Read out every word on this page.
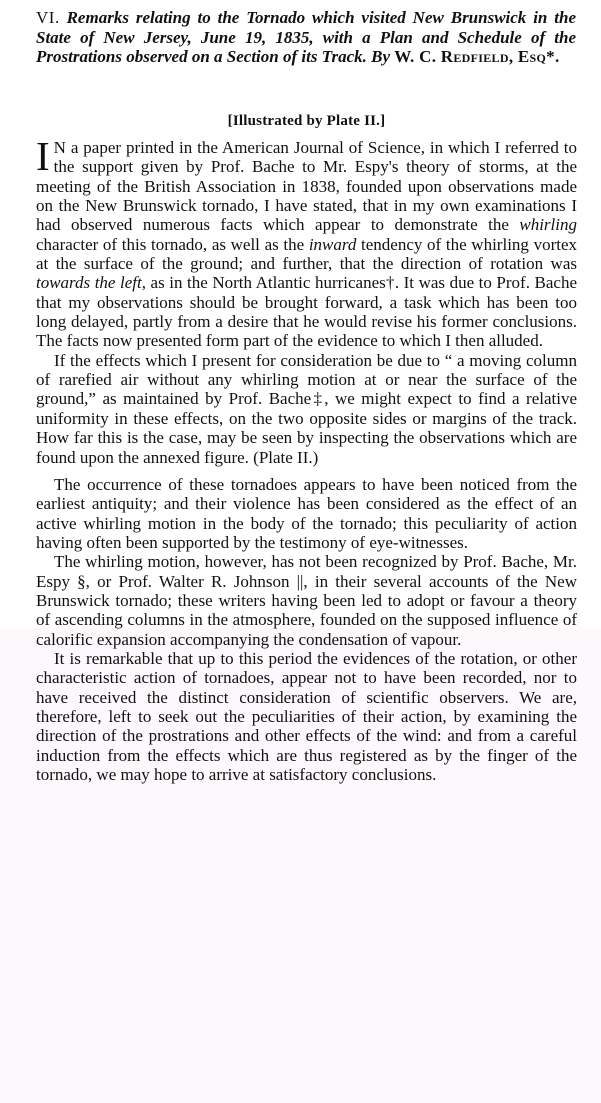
VI. Remarks relating to the Tornado which visited New Brunswick in the State of New Jersey, June 19, 1835, with a Plan and Schedule of the Prostrations observed on a Section of its Track. By W. C. Redfield, Esq*.
[Illustrated by Plate II.]

I N a paper printed in the American Journal of Science, in which I referred to the support given by Prof. Bache to Mr. Espy's theory of storms, at the meeting of the British Association in 1838, founded upon observations made on the New Brunswick tornado, I have stated, that in my own examinations I had observed numerous facts which appear to demonstrate the whirling character of this tornado, as well as the inward tendency of the whirling vortex at the surface of the ground; and further, that the direction of rotation was towards the left, as in the North Atlantic hurricanes†. It was due to Prof. Bache that my observations should be brought forward, a task which has been too long delayed, partly from a desire that he would revise his former conclusions. The facts now presented form part of the evidence to which I then alluded.

If the effects which I present for consideration be due to “ a moving column of rarefied air without any whirling motion at or near the surface of the ground,” as maintained by Prof. Bache‡, we might expect to find a relative uniformity in these effects, on the two opposite sides or margins of the track. How far this is the case, may be seen by inspecting the observations which are found upon the annexed figure. (Plate II.)

The occurrence of these tornadoes appears to have been noticed from the earliest antiquity; and their violence has been considered as the effect of an active whirling motion in the body of the tornado; this peculiarity of action having often been supported by the testimony of eye-witnesses.

The whirling motion, however, has not been recognized by Prof. Bache, Mr. Espy §, or Prof. Walter R. Johnson ||, in their several accounts of the New Brunswick tornado; these writers having been led to adopt or favour a theory of ascending columns in the atmosphere, founded on the supposed influence of calorific expansion accompanying the condensation of vapour.

It is remarkable that up to this period the evidences of the rotation, or other characteristic action of tornadoes, appear not to have been recorded, nor to have received the distinct consideration of scientific observers. We are, therefore, left to seek out the peculiarities of their action, by examining the direction of the prostrations and other effects of the wind: and from a careful induction from the effects which are thus registered as by the finger of the tornado, we may hope to arrive at satisfactory conclusions.
